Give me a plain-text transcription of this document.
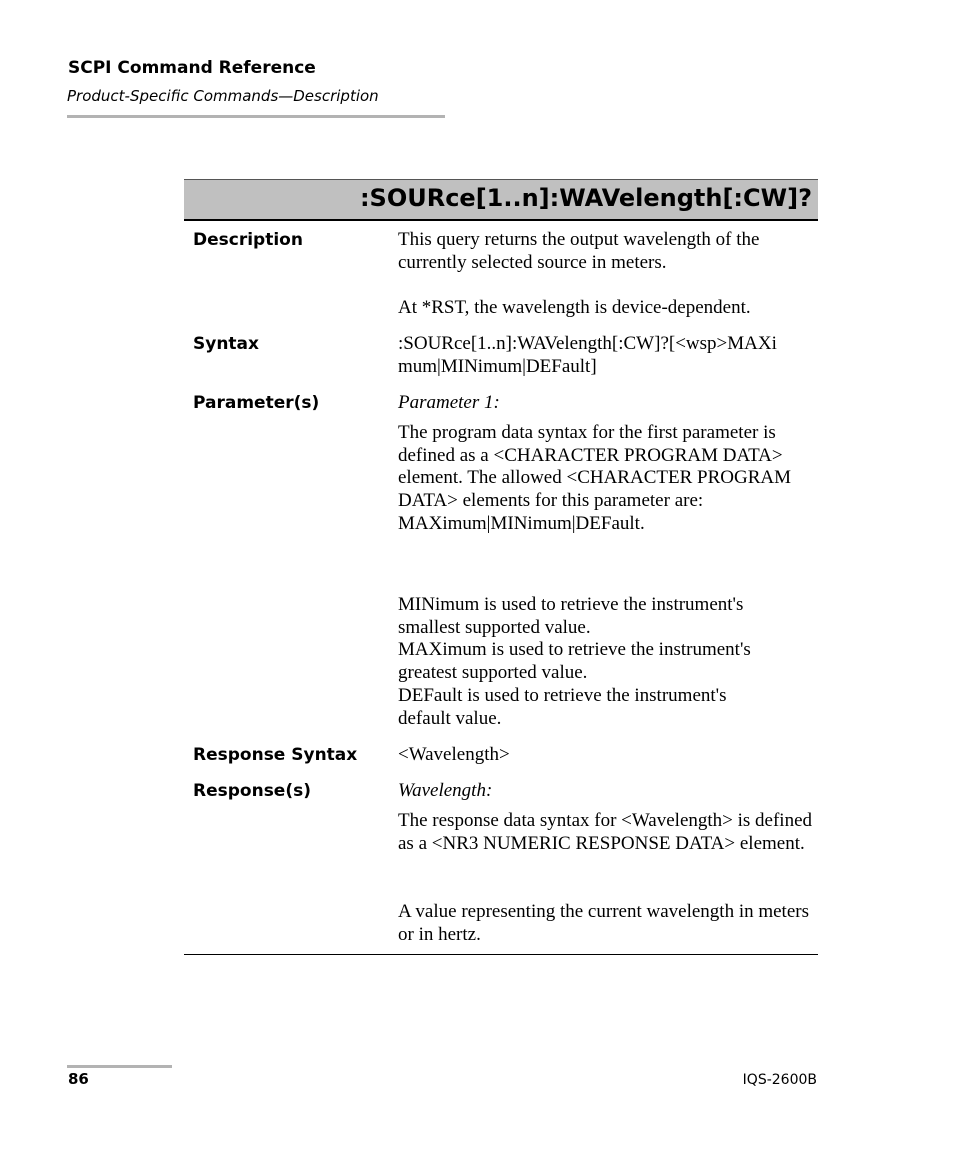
SCPI Command Reference
Product-Specific Commands—Description
:SOURce[1..n]:WAVelength[:CW]?
Description	This query returns the output wavelength of the currently selected source in meters.
At *RST, the wavelength is device-dependent.
Syntax	:SOURce[1..n]:WAVelength[:CW]?[<wsp>MAXi
mum|MINimum|DEFault]
Parameter(s)	Parameter 1:
The program data syntax for the first parameter is defined as a <CHARACTER PROGRAM DATA> element. The allowed <CHARACTER PROGRAM DATA> elements for this parameter are: MAXimum|MINimum|DEFault.
MINimum is used to retrieve the instrument's
smallest supported value.
MAXimum is used to retrieve the instrument's
greatest supported value.
DEFault is used to retrieve the instrument's
default value.
Response Syntax <Wavelength>
Response(s)	Wavelength:
The response data syntax for <Wavelength> is defined as a <NR3 NUMERIC RESPONSE DATA> element.
A value representing the current wavelength in meters or in hertz.
86	IQS-2600B
